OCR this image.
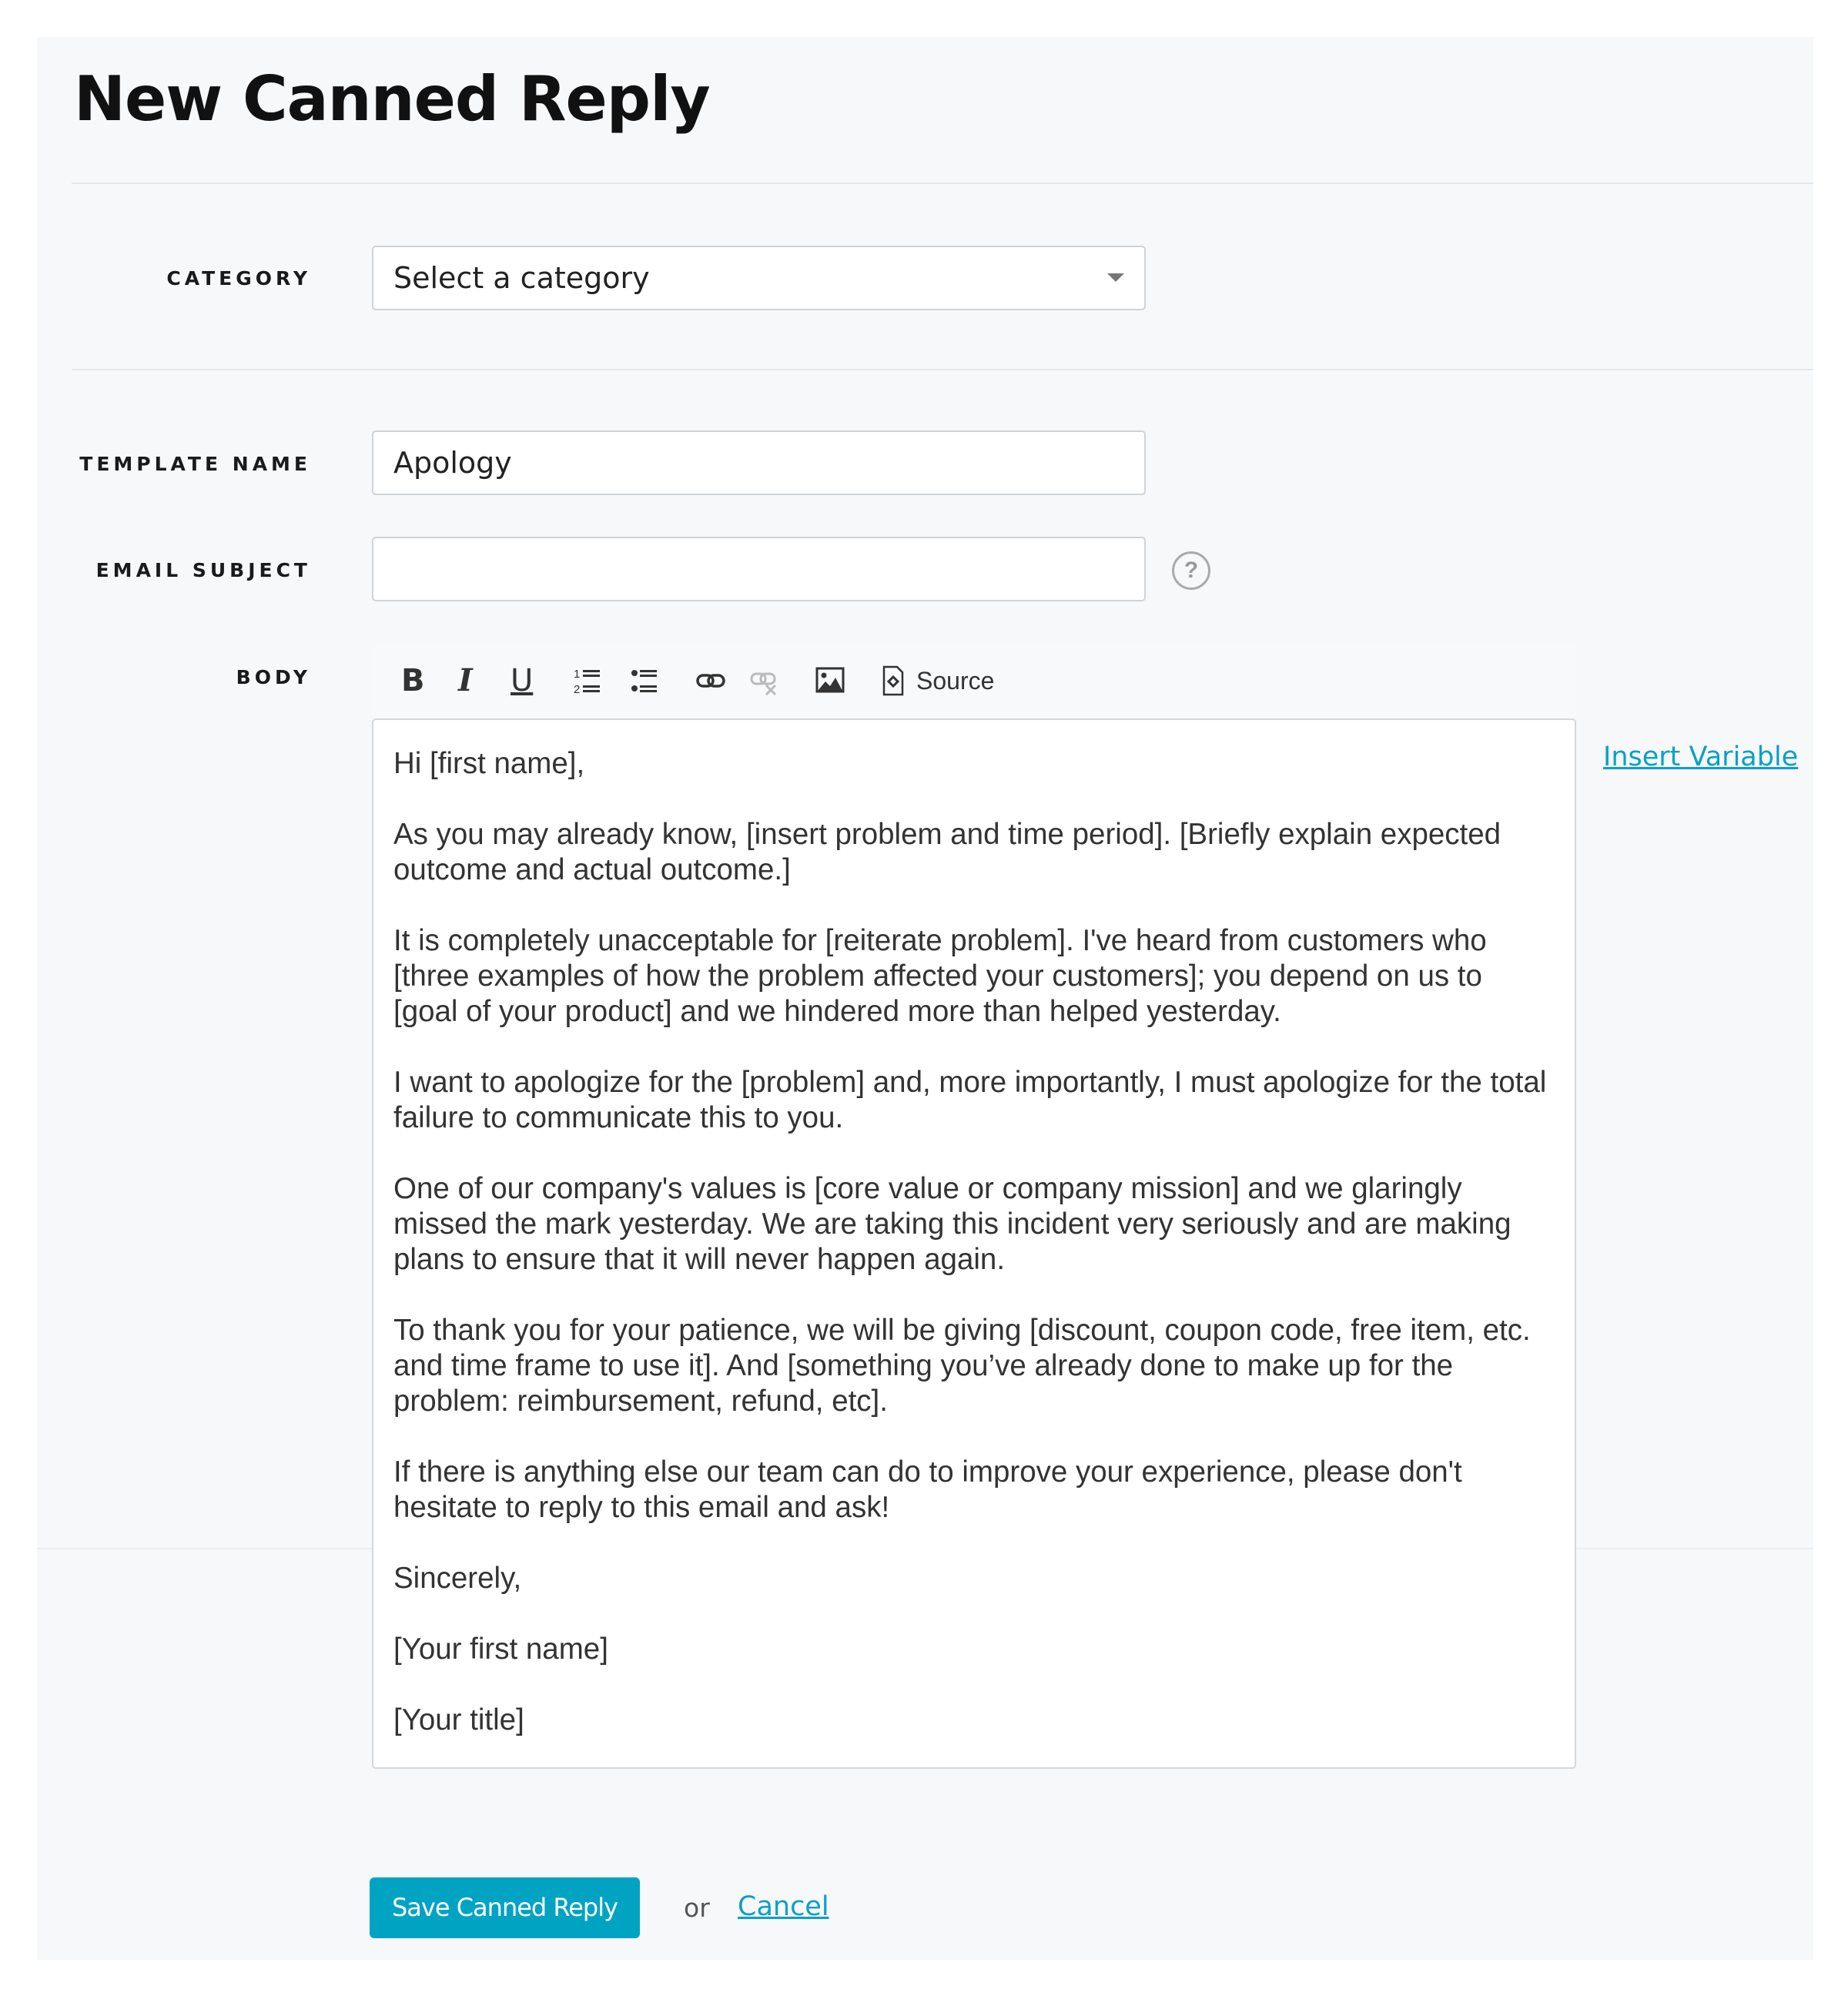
New Canned Reply
CATEGORY	Select a category
TEMPLATE NAME	Apology
EMAIL SUBJECT	?
BODY	B I U	1
2	Source

Hi [first name],

As you may already know, [insert problem and time period]. [Briefly explain expected outcome and actual outcome.]

It is completely unacceptable for [reiterate problem]. I've heard from customers who [three examples of how the problem affected your customers]; you depend on us to [goal of your product] and we hindered more than helped yesterday.

I want to apologize for the [problem] and, more importantly, I must apologize for the total failure to communicate this to you.

One of our company's values is [core value or company mission] and we glaringly missed the mark yesterday. We are taking this incident very seriously and are making plans to ensure that it will never happen again.

To thank you for your patience, we will be giving [discount, coupon code, free item, etc. and time frame to use it]. And [something you’ve already done to make up for the problem: reimbursement, refund, etc].

If there is anything else our team can do to improve your experience, please don't hesitate to reply to this email and ask!

Sincerely,

[Your first name]

[Your title]

Insert Variable
Save Canned Reply	or Cancel
